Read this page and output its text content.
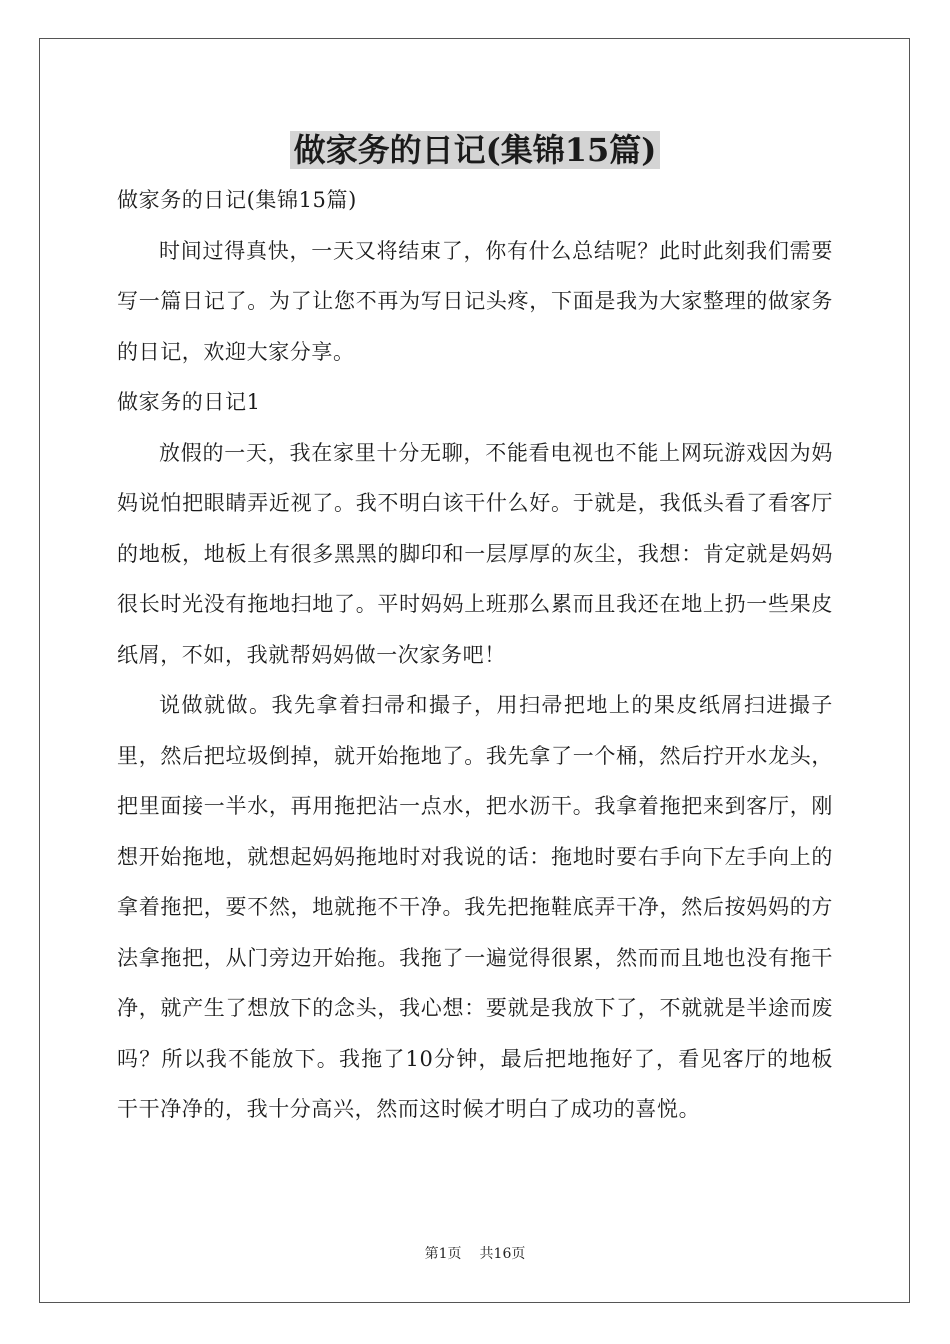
做家务的日记(集锦15篇)

做家务的日记(集锦15篇)

时间过得真快，一天又将结束了，你有什么总结呢？此时此刻我们需要写一篇日记了。为了让您不再为写日记头疼，下面是我为大家整理的做家务的日记，欢迎大家分享。

做家务的日记1

放假的一天，我在家里十分无聊，不能看电视也不能上网玩游戏因为妈妈说怕把眼睛弄近视了。我不明白该干什么好。于就是，我低头看了看客厅的地板，地板上有很多黑黑的脚印和一层厚厚的灰尘，我想：肯定就是妈妈很长时光没有拖地扫地了。平时妈妈上班那么累而且我还在地上扔一些果皮纸屑，不如，我就帮妈妈做一次家务吧！

说做就做。我先拿着扫帚和撮子，用扫帚把地上的果皮纸屑扫进撮子里，然后把垃圾倒掉，就开始拖地了。我先拿了一个桶，然后拧开水龙头，把里面接一半水，再用拖把沾一点水，把水沥干。我拿着拖把来到客厅，刚想开始拖地，就想起妈妈拖地时对我说的话：拖地时要右手向下左手向上的拿着拖把，要不然，地就拖不干净。我先把拖鞋底弄干净，然后按妈妈的方法拿拖把，从门旁边开始拖。我拖了一遍觉得很累，然而而且地也没有拖干净，就产生了想放下的念头，我心想：要就是我放下了，不就就是半途而废吗？所以我不能放下。我拖了10分钟，最后把地拖好了，看见客厅的地板干干净净的，我十分高兴，然而这时候才明白了成功的喜悦。

第1页 共16页
